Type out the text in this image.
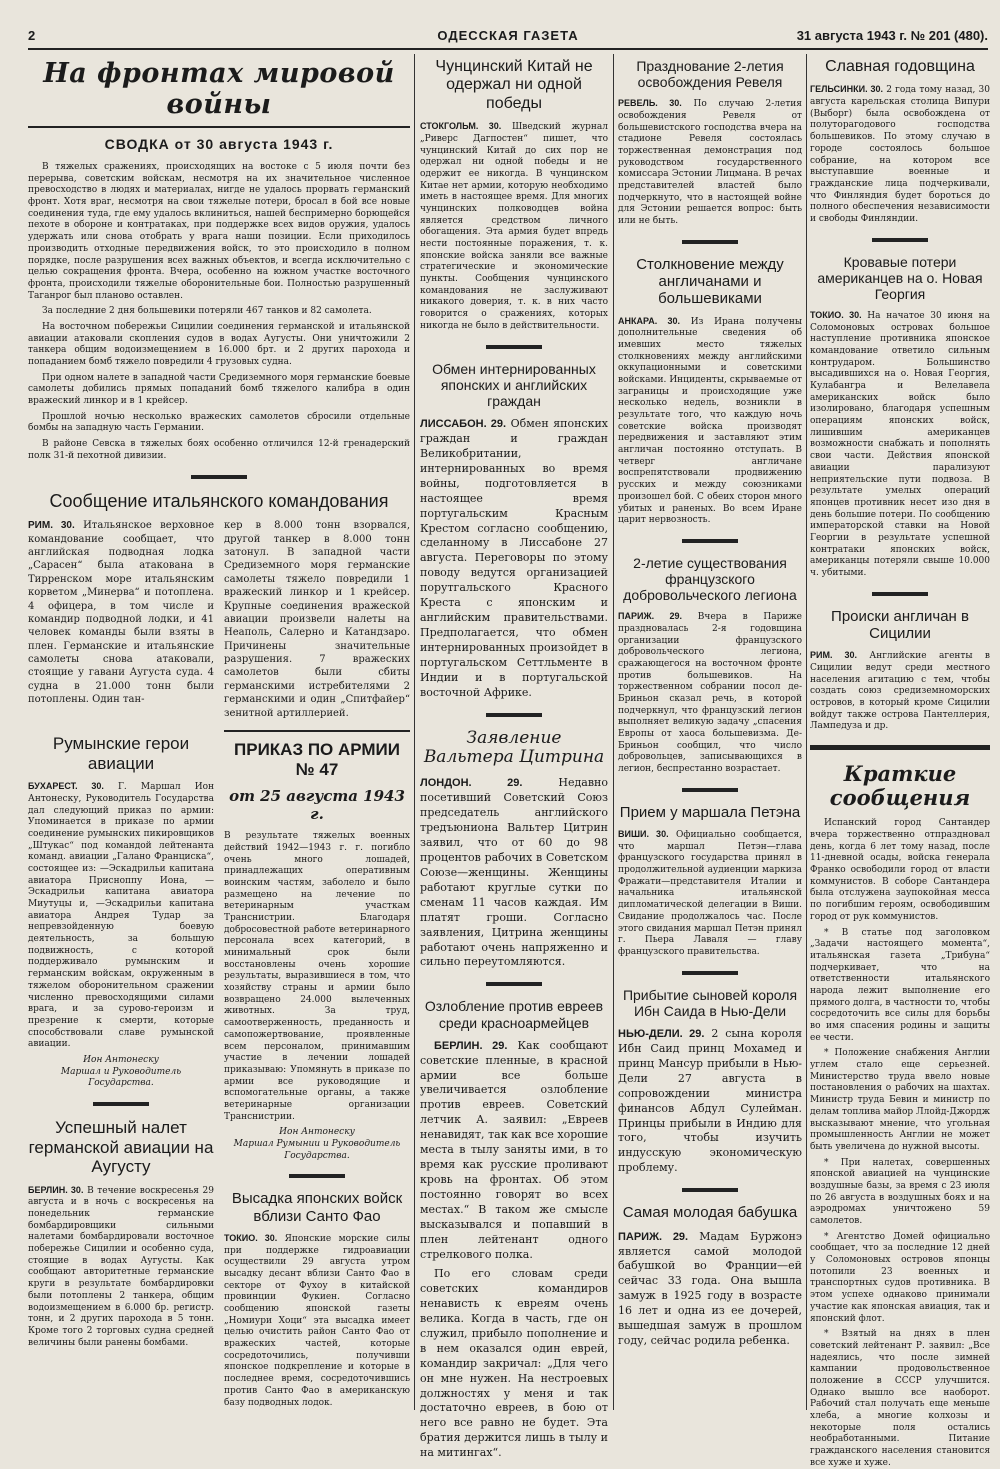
2	ОДЕССКАЯ ГАЗЕТА	31 августа 1943 г. № 201 (480).
На фронтах мировой войны
СВОДКА от 30 августа 1943 г.

В тяжелых сражениях, происходящих на востоке с 5 июля почти без перерыва, советским войскам, несмотря на их значительное численное превосходство в людях и материалах, нигде не удалось прорвать германский фронт. Хотя враг, несмотря на свои тяжелые потери, бросал в бой все новые соединения туда, где ему удалось вклиниться, нашей беспримерно борющейся пехоте в обороне и контратаках, при поддержке всех видов оружия, удалось удержать или снова отобрать у врага наши позиции. Если приходилось производить отходные передвижения войск, то это происходило в полном порядке, после разрушения всех важных объектов, и всегда исключительно с целью сокращения фронта. Вчера, особенно на южном участке восточного фронта, происходили тяжелые оборонительные бои. Полностью разрушенный Таганрог был планово оставлен.

За последние 2 дня большевики потеряли 467 танков и 82 самолета.

На восточном побережьи Сицилии соединения германской и итальянской авиации атаковали скопления судов в водах Аугусты. Они уничтожили 2 танкера общим водоизмещением в 16.000 брт. и 2 других парохода и попаданием бомб тяжело повредили 4 грузовых судна.

При одном налете в западной части Средиземного моря германские боевые самолеты добились прямых попаданий бомб тяжелого калибра в один вражеский линкор и в 1 крейсер.

Прошлой ночью несколько вражеских самолетов сбросили отдельные бомбы на западную часть Германии.

В районе Севска в тяжелых боях особенно отличился 12-й гренадерский полк 31-й пехотной дивизии.

Сообщение итальянского командования
РИМ. 30. Итальянское верховное командование сообщает, что английская подводная лодка „Сарасен“ была атакована в Тирренском море итальянским корветом „Минерва“ и потоплена. 4 офицера, в том числе и командир подводной лодки, и 41 человек команды были взяты в плен. Германские и итальянские самолеты снова атаковали, стоящие у гавани Аугуста суда. 4 судна в 21.000 тонн были потоплены. Один тан-
кер в 8.000 тонн взорвался, другой танкер в 8.000 тонн затонул. В западной части Средиземного моря германские самолеты тяжело повредили 1 вражеский линкор и 1 крейсер. Крупные соединения вражеской авиации произвели налеты на Неаполь, Салерно и Катандзаро. Причинены значительные разрушения. 7 вражеских самолетов были сбиты германскими истребителями 2 германскими и один „Спитфайер“ зенитной артиллерией.
Румынские герои авиации
БУХАРЕСТ. 30. Г. Маршал Ион Антонеску, Руководитель Государства дал следующий приказ по армии: Упоминается в приказе по армии соединение румынских пикировщиков „Штукас“ под командой лейтенанта команд. авиации „Галано Франциска“, состоящее из: —Эскадрильи капитана авиатора Присноппу Иона, —Эскадрильи капитана авиатора Миутуцы и, —Эскадрильи капитана авиатора Андрея Тудар за непревзойденную боевую деятельность, за большую подвижность, с которой поддерживало румынским и германским войскам, окруженным в тяжелом оборонительном сражении численно превосходящими силами врага, и за сурово-героизм и презрение к смерти, которые способствовали славе румынской авиации.
Ион Антонеску
Маршал и Руководитель Государства.
Успешный налет германской авиации на Аугусту
БЕРЛИН. 30. В течение воскресенья 29 августа и в ночь с воскресенья на понедельник германские бомбардировщики сильными налетами бомбардировали восточное побережье Сицилии и особенно суда, стоящие в водах Аугусты. Как сообщают авторитетные германские круги в результате бомбардировки были потоплены 2 танкера, общим водоизмещением в 6.000 бр. регистр. тонн, и 2 других парохода в 5 тонн. Кроме того 2 торговых судна средней величины были ранены бомбами.
ПРИКАЗ ПО АРМИИ № 47
от 25 августа 1943 г.
В результате тяжелых военных действий 1942—1943 г. г. погибло очень много лошадей, принадлежащих оперативным воинским частям, заболело и было размещено на лечение по ветеринарным участкам Транснистрии. Благодаря добросовестной работе ветеринарного персонала всех категорий, в минимальный срок были восстановлены очень хорошие результаты, выразившиеся в том, что хозяйству страны и армии было возвращено 24.000 вылеченных животных. За труд, самоотверженность, преданность и самопожертвование, проявленные всем персоналом, принимавшим участие в лечении лошадей приказываю: Упомянуть в приказе по армии все руководящие и вспомогательные органы, а также ветеринарные организации Транснистрии.
Ион Антонеску
Маршал Румынии и Руководитель Государства.
Высадка японских войск вблизи Санто Фао
ТОКИО. 30. Японские морские силы при поддержке гидроавиации осуществили 29 августа утром высадку десант вблизи Санто Фао в секторе от Фухоу в китайской провинции Фукиен. Согласно сообщению японской газеты „Номиури Хоци“ эта высадка имеет целью очистить район Санто Фао от вражеских частей, которые сосредоточились, получивши японское подкрепление и которые в последнее время, сосредоточившись против Санто Фао в американскую базу подводных лодок.
Чунцинский Китай не одержал ни одной победы
СТОКГОЛЬМ. 30. Шведский журнал „Риверс Дагпостен“ пишет, что чунцинский Китай до сих пор не одержал ни одной победы и не одержит ее никогда. В чунцинском Китае нет армии, которую необходимо иметь в настоящее время. Для многих чунцинских полководцев война является средством личного обогащения. Эта армия будет впредь нести постоянные поражения, т. к. японские войска заняли все важные стратегические и экономические пункты. Сообщения чунцинского командования не заслуживают никакого доверия, т. к. в них часто говорится о сражениях, которых никогда не было в действительности.
Обмен интернированных японских и английских граждан
ЛИССАБОН. 29. Обмен японских граждан и граждан Великобритании, интернированных во время войны, подготовляется в настоящее время португальским Красным Крестом согласно сообщению, сделанному в Лиссабоне 27 августа. Переговоры по этому поводу ведутся организацией порутгальского Красного Креста с японским и английским правительствами. Предполагается, что обмен интернированных произойдет в португальском Сеттльменте в Индии и в португальской восточной Африке.
Заявление Вальтера Цитрина
ЛОНДОН. 29.	Недавно посетивший Советский Союз председатель английского тредъюниона Вальтер Цитрин заявил, что от 60 до 98 процентов рабочих в Советском Союзе—женщины. Женщины работают круглые сутки по сменам 11 часов каждая. Им платят гроши. Согласно заявления, Цитрина женщины работают очень напряженно и сильно переутомляются.
Озлобление против евреев среди красноармейцев

БЕРЛИН. 29. Как сообщают советские пленные, в красной армии все больше увеличивается озлобление против евреев. Советский летчик А. заявил: „Евреев ненавидят, так как все хорошие места в тылу заняты ими, в то время как русские проливают кровь на фронтах. Об этом постоянно говорят во всех местах.“ В таком же смысле высказывался и попавший в плен лейтенант одного стрелкового полка.

По его словам среди советских командиров ненависть к евреям очень велика. Когда в часть, где он служил, прибыло пополнение и в нем оказался один еврей, командир закричал: „Для чего он мне нужен. На нестроевых должностях у меня и так достаточно евреев, в бою от него все равно не будет. Эта братия держится лишь в тылу и на митингах“.

Празднование 2-летия освобождения Ревеля
РЕВЕЛЬ. 30. По случаю 2-летия освобождения Ревеля от большевистского господства вчера на стадионе Ревеля состоялась торжественная демонстрация под руководством государственного комиссара Эстонии Лицмана. В речах представителей властей было подчеркнуто, что в настоящей войне для Эстонии решается вопрос: быть или не быть.
Столкновение между англичанами и большевиками
АНКАРА. 30. Из Ирана получены дополнительные сведения об имевших место тяжелых столкновениях между английскими оккупационными и советскими войсками. Инциденты, скрываемые от заграницы и происходящие уже несколько недель, возникли в результате того, что каждую ночь советские войска производят передвижения и заставляют этим англичан постоянно отступать. В четверг англичане воспрепятствовали продвижению русских и между союзниками произошел бой. С обеих сторон много убитых и раненых. Во всем Иране царит нервозность.
2-летие существования французского добровольческого легиона
ПАРИЖ. 29. Вчера в Париже праздновалась 2-я годовщина организации французского добровольческого легиона, сражающегося на восточном фронте против большевиков. На торжественном собрании посол де-Бриньон сказал речь, в которой подчеркнул, что французский легион выполняет великую задачу „спасения Европы от хаоса большевизма. Де-Бриньон сообщил, что число добровольцев, записывающихся в легион, беспрестанно возрастает.
Прием у маршала Петэна
ВИШИ. 30. Официально сообщается, что маршал Петэн—глава французского государства принял в продолжительной аудиенции маркиза Фражати—представителя Италии и начальника итальянской дипломатической делегации в Виши. Свидание продолжалось час. После этого свидания маршал Петэн принял г. Пьера Лаваля — главу французского правительства.
Прибытие сыновей короля Ибн Саида в Нью-Дели
НЬЮ-ДЕЛИ. 29. 2 сына короля Ибн Саид принц Мохамед и принц Мансур прибыли в Нью-Дели 27 августа в сопровождении министра финансов Абдул Сулейман. Принцы прибыли в Индию для того, чтобы изучить индусскую экономическую проблему.
Самая молодая бабушка
ПАРИЖ. 29. Мадам Бурж​онэ является самой молодой бабушкой во Франции—ей сейчас 33 года. Она вышла замуж в 1925 году в возрасте 16 лет и одна из ее дочерей, вышедшая замуж в прошлом году, сейчас родила ребенка.
Славная годовщина
ГЕЛЬСИНКИ. 30. 2 года тому назад, 30 августа карельская столица Випури (Выборг) была освобождена от полуторагодового господства большевиков. По этому случаю в городе состоялось большое собрание, на котором все выступавшие военные и гражданские лица подчеркивали, что Финляндия будет бороться до полного обеспечения независимости и свободы Финляндии.
Кровавые потери американцев на о. Новая Георгия
ТОКИО. 30. На начатое 30 июня на Соломоновых островах большое наступление противника японское командование ответило сильным контрударом. Большинство высадившихся на о. Новая Георгия, Кулабангра и Велелавела американских войск было изолировано, благодаря успешным операциям японских войск, лишившим американцев возможности снабжать и пополнять свои части. Действия японской авиации парализуют неприятельские пути подвоза. В результате умелых операций японцев противник несет изо дня в день большие потери. По сообщению императорской ставки на Новой Георгии в результате успешной контратаки японских войск, американцы потеряли свыше 10.000 ч. убитыми.
Происки англичан в Сицилии
РИМ. 30. Английские агенты в Сицилии ведут среди местного населения агитацию с тем, чтобы создать союз средиземноморских островов, в который кроме Сицилии войдут также острова Пантеллерия, Лампедуза и др.
Краткие сообщения

Испанский город Сантандер вчера торжественно отпраздновал день, когда 6 лет тому назад, после 11-дневной осады, войска генерала Франко освободили город от власти коммунистов. В соборе Сантандера была отслужена заупокойная месса по погибшим героям, освободившим город от рук коммунистов.

* В статье под заголовком „Задачи настоящего момента“, итальянская газета „Трибуна“ подчеркивает, что на ответственности итальянского народа лежит выполнение его прямого долга, в частности то, чтобы сосредоточить все силы для борьбы во имя спасения родины и защиты ее чести.

* Положение снабжения Англии углем стало еще серьезней. Министерство труда ввело новые постановления о рабочих на шахтах. Министр труда Бевин и министр по делам топлива майор Ллойд-Джордж высказывают мнение, что угольная промышленность Англии не может быть увеличена до нужной высоты.

* При налетах, совершенных японской авиацией на чунцинские воздушные базы, за время с 23 июля по 26 августа в воздушных боях и на аэродромах уничтожено 59 самолетов.

* Агентство Домей официально сообщает, что за последние 12 дней у Соломоновых островов японцы потопили 23 военных и транспортных судов противника. В этом успехе однаково принимали участие как японская авиация, так и японский флот.

* Взятый на днях в плен советский лейтенант Р. заявил: „Все надеялись, что после зимней кампании продовольственное положение в СССР улучшится. Однако вышло все наоборот. Рабочий стал получать еще меньше хлеба, а многие колхозы и некоторые поля остались необработанными. Питание гражданского населения становится все хуже и хуже.
